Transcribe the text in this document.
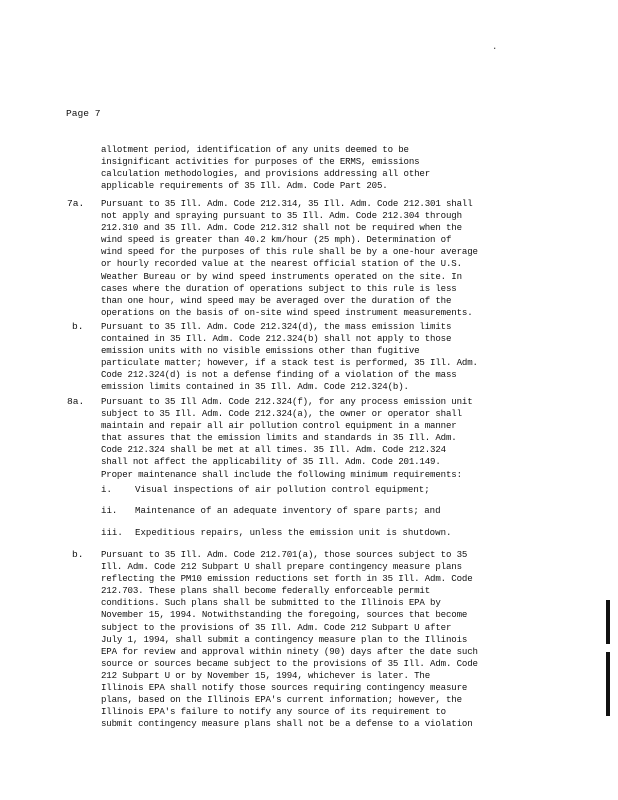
·
Page 7
allotment period, identification of any units deemed to be
insignificant activities for purposes of the ERMS, emissions
calculation methodologies, and provisions addressing all other
applicable requirements of 35 Ill. Adm. Code Part 205.
7a. Pursuant to 35 Ill. Adm. Code 212.314, 35 Ill. Adm. Code 212.301 shall
not apply and spraying pursuant to 35 Ill. Adm. Code 212.304 through
212.310 and 35 Ill. Adm. Code 212.312 shall not be required when the
wind speed is greater than 40.2 km/hour (25 mph). Determination of
wind speed for the purposes of this rule shall be by a one-hour average
or hourly recorded value at the nearest official station of the U.S.
Weather Bureau or by wind speed instruments operated on the site. In
cases where the duration of operations subject to this rule is less
than one hour, wind speed may be averaged over the duration of the
operations on the basis of on-site wind speed instrument measurements.
b. Pursuant to 35 Ill. Adm. Code 212.324(d), the mass emission limits
contained in 35 Ill. Adm. Code 212.324(b) shall not apply to those
emission units with no visible emissions other than fugitive
particulate matter; however, if a stack test is performed, 35 Ill. Adm.
Code 212.324(d) is not a defense finding of a violation of the mass
emission limits contained in 35 Ill. Adm. Code 212.324(b).
8a. Pursuant to 35 Ill Adm. Code 212.324(f), for any process emission unit
subject to 35 Ill. Adm. Code 212.324(a), the owner or operator shall
maintain and repair all air pollution control equipment in a manner
that assures that the emission limits and standards in 35 Ill. Adm.
Code 212.324 shall be met at all times. 35 Ill. Adm. Code 212.324
shall not affect the applicability of 35 Ill. Adm. Code 201.149.
Proper maintenance shall include the following minimum requirements:
i.	Visual inspections of air pollution control equipment;
ii. Maintenance of an adequate inventory of spare parts; and
iii. Expeditious repairs, unless the emission unit is shutdown.
b. Pursuant to 35 Ill. Adm. Code 212.701(a), those sources subject to 35
Ill. Adm. Code 212 Subpart U shall prepare contingency measure plans
reflecting the PM10 emission reductions set forth in 35 Ill. Adm. Code
212.703. These plans shall become federally enforceable permit
conditions. Such plans shall be submitted to the Illinois EPA by
November 15, 1994. Notwithstanding the foregoing, sources that become
subject to the provisions of 35 Ill. Adm. Code 212 Subpart U after
July 1, 1994, shall submit a contingency measure plan to the Illinois
EPA for review and approval within ninety (90) days after the date such
source or sources became subject to the provisions of 35 Ill. Adm. Code
212 Subpart U or by November 15, 1994, whichever is later. The
Illinois EPA shall notify those sources requiring contingency measure
plans, based on the Illinois EPA's current information; however, the
Illinois EPA's failure to notify any source of its requirement to
submit contingency measure plans shall not be a defense to a violation
